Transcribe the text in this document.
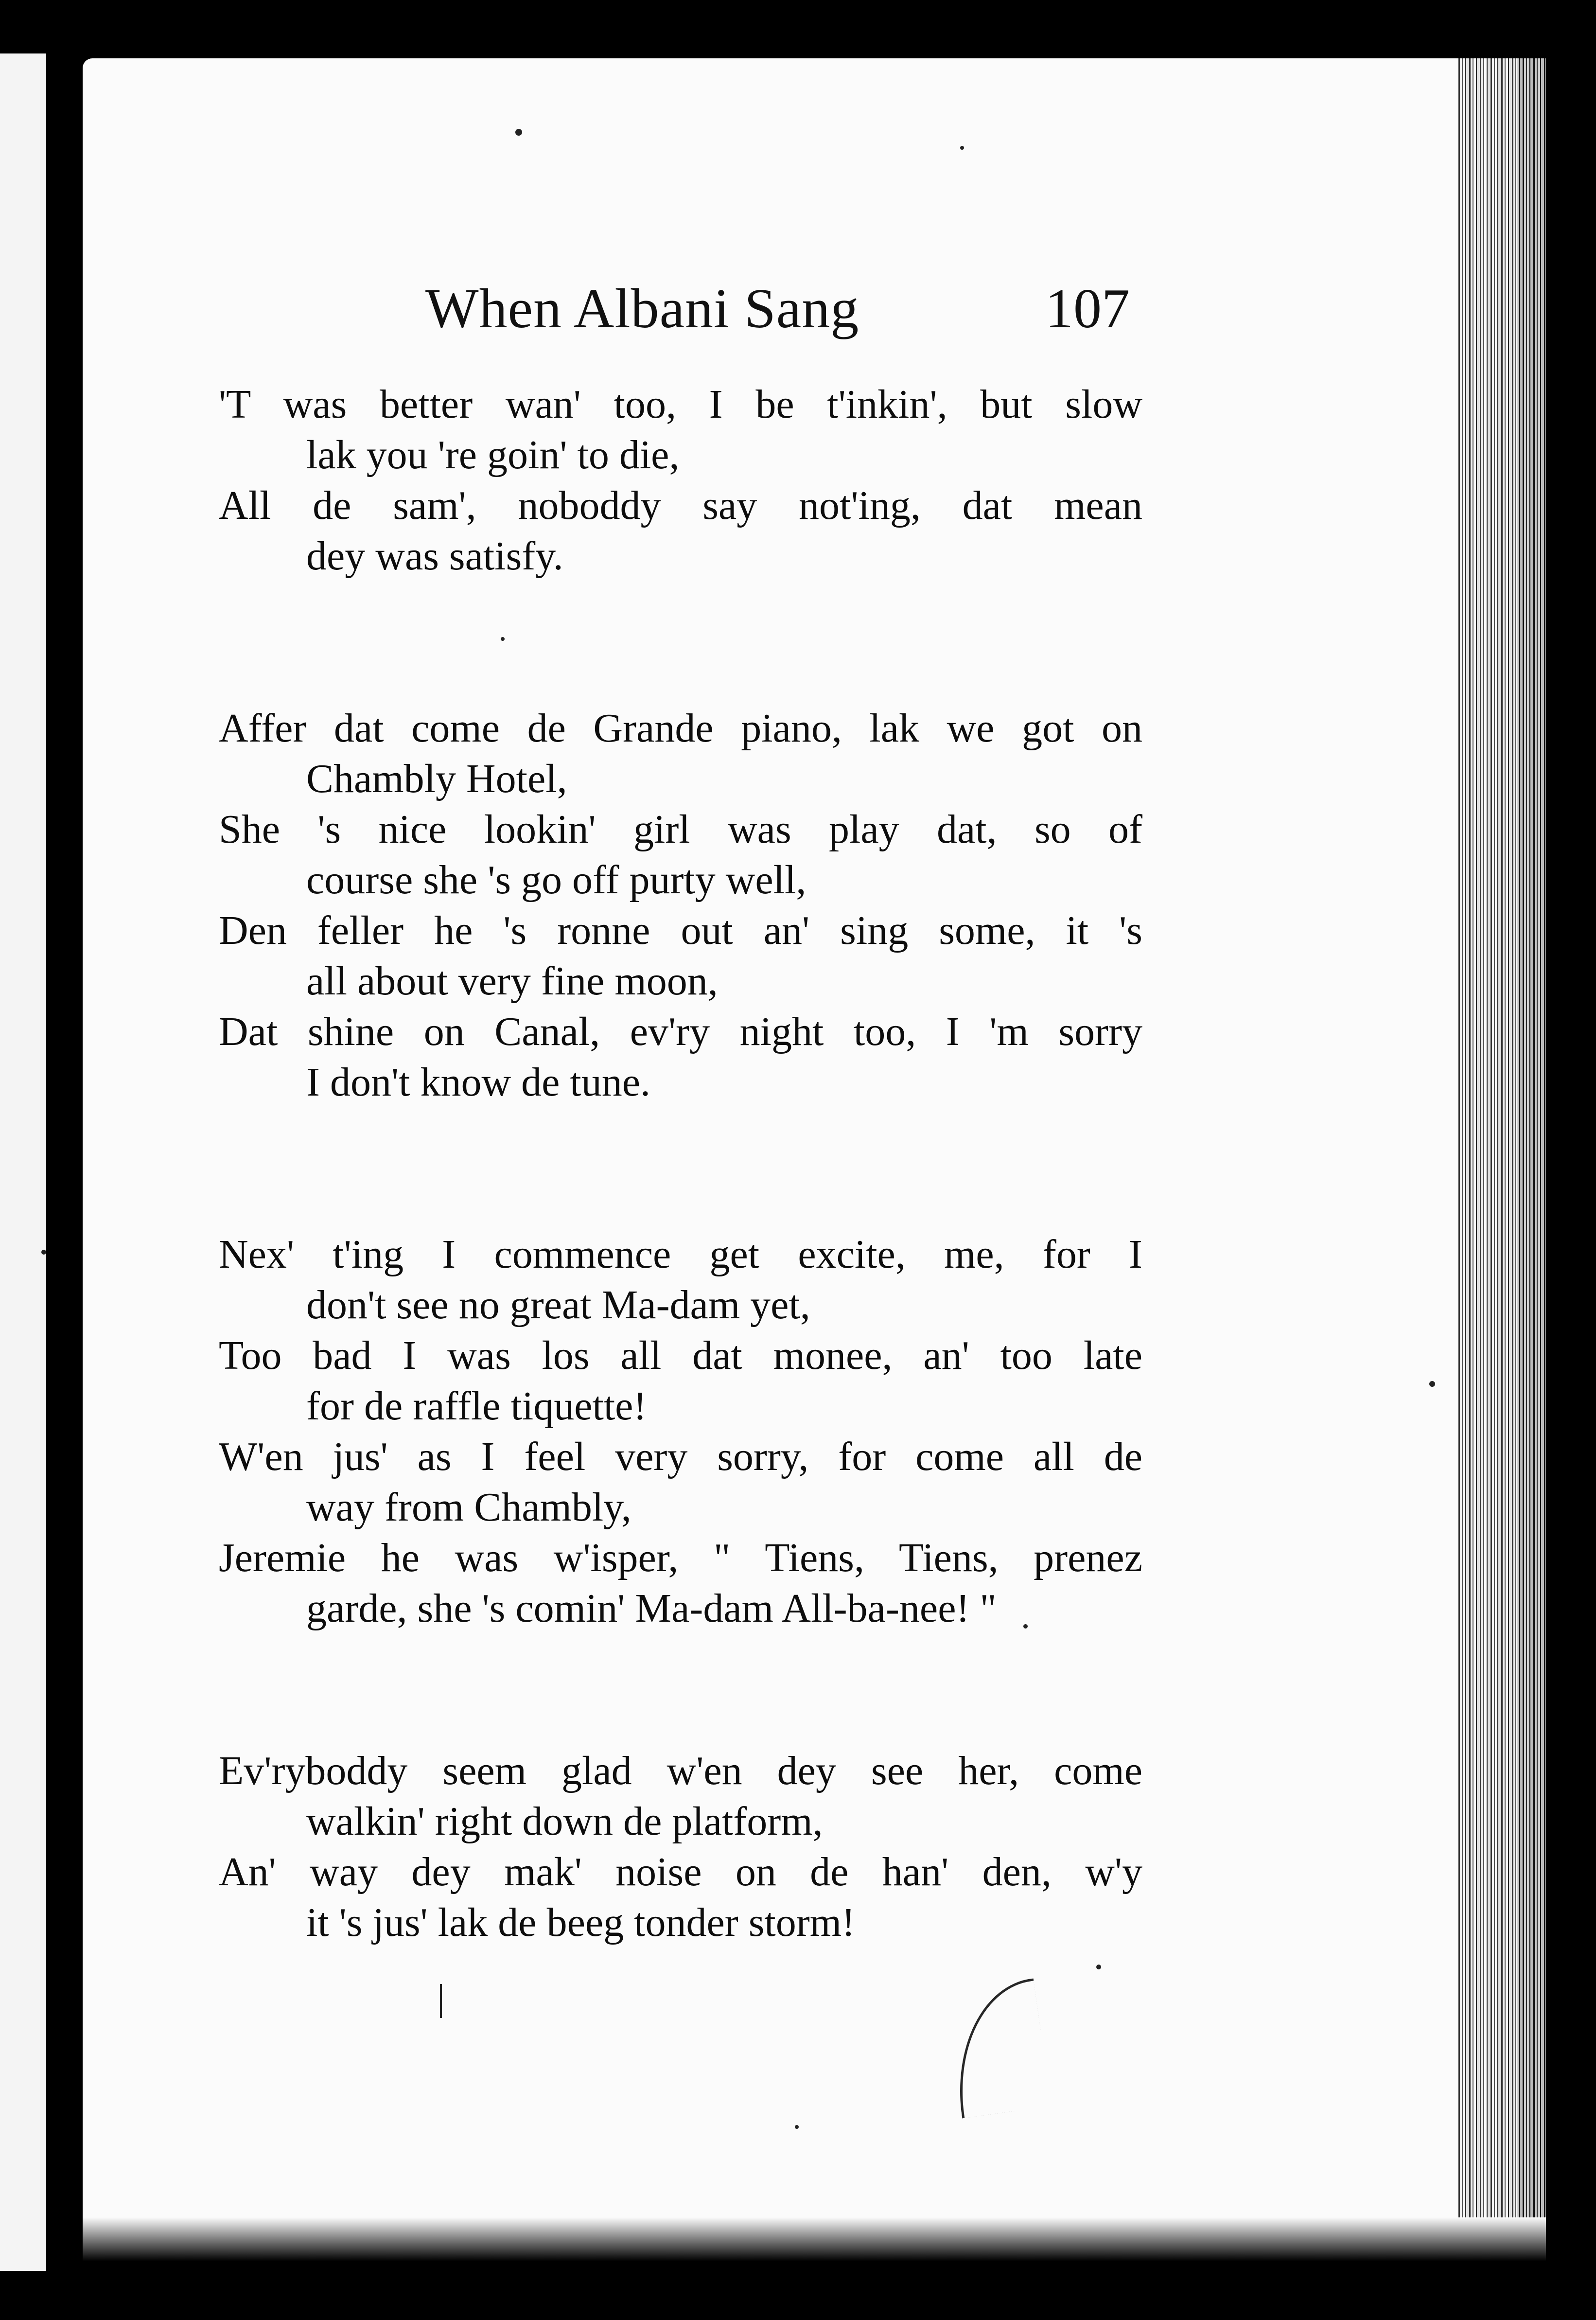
When Albani Sang	107
'T was better wan' too, I be t'inkin', but slow
lak you 're goin' to die,
All de sam', noboddy say not'ing, dat mean
dey was satisfy.
Affer dat come de Grande piano, lak we got on
Chambly Hotel,
She 's nice lookin' girl was play dat, so of
course she 's go off purty well,
Den feller he 's ronne out an' sing some, it 's
all about very fine moon,
Dat shine on Canal, ev'ry night too, I 'm sorry
I don't know de tune.
Nex' t'ing I commence get excite, me, for I
don't see no great Ma-dam yet,
Too bad I was los all dat monee, an' too late
for de raffle tiquette!
W'en jus' as I feel very sorry, for come all de
way from Chambly,
Jeremie he was w'isper, " Tiens, Tiens, prenez
garde, she 's comin' Ma-dam All-ba-nee! "
Ev'ryboddy seem glad w'en dey see her, come
walkin' right down de platform,
An' way dey mak' noise on de han' den, w'y
it 's jus' lak de beeg tonder storm!
